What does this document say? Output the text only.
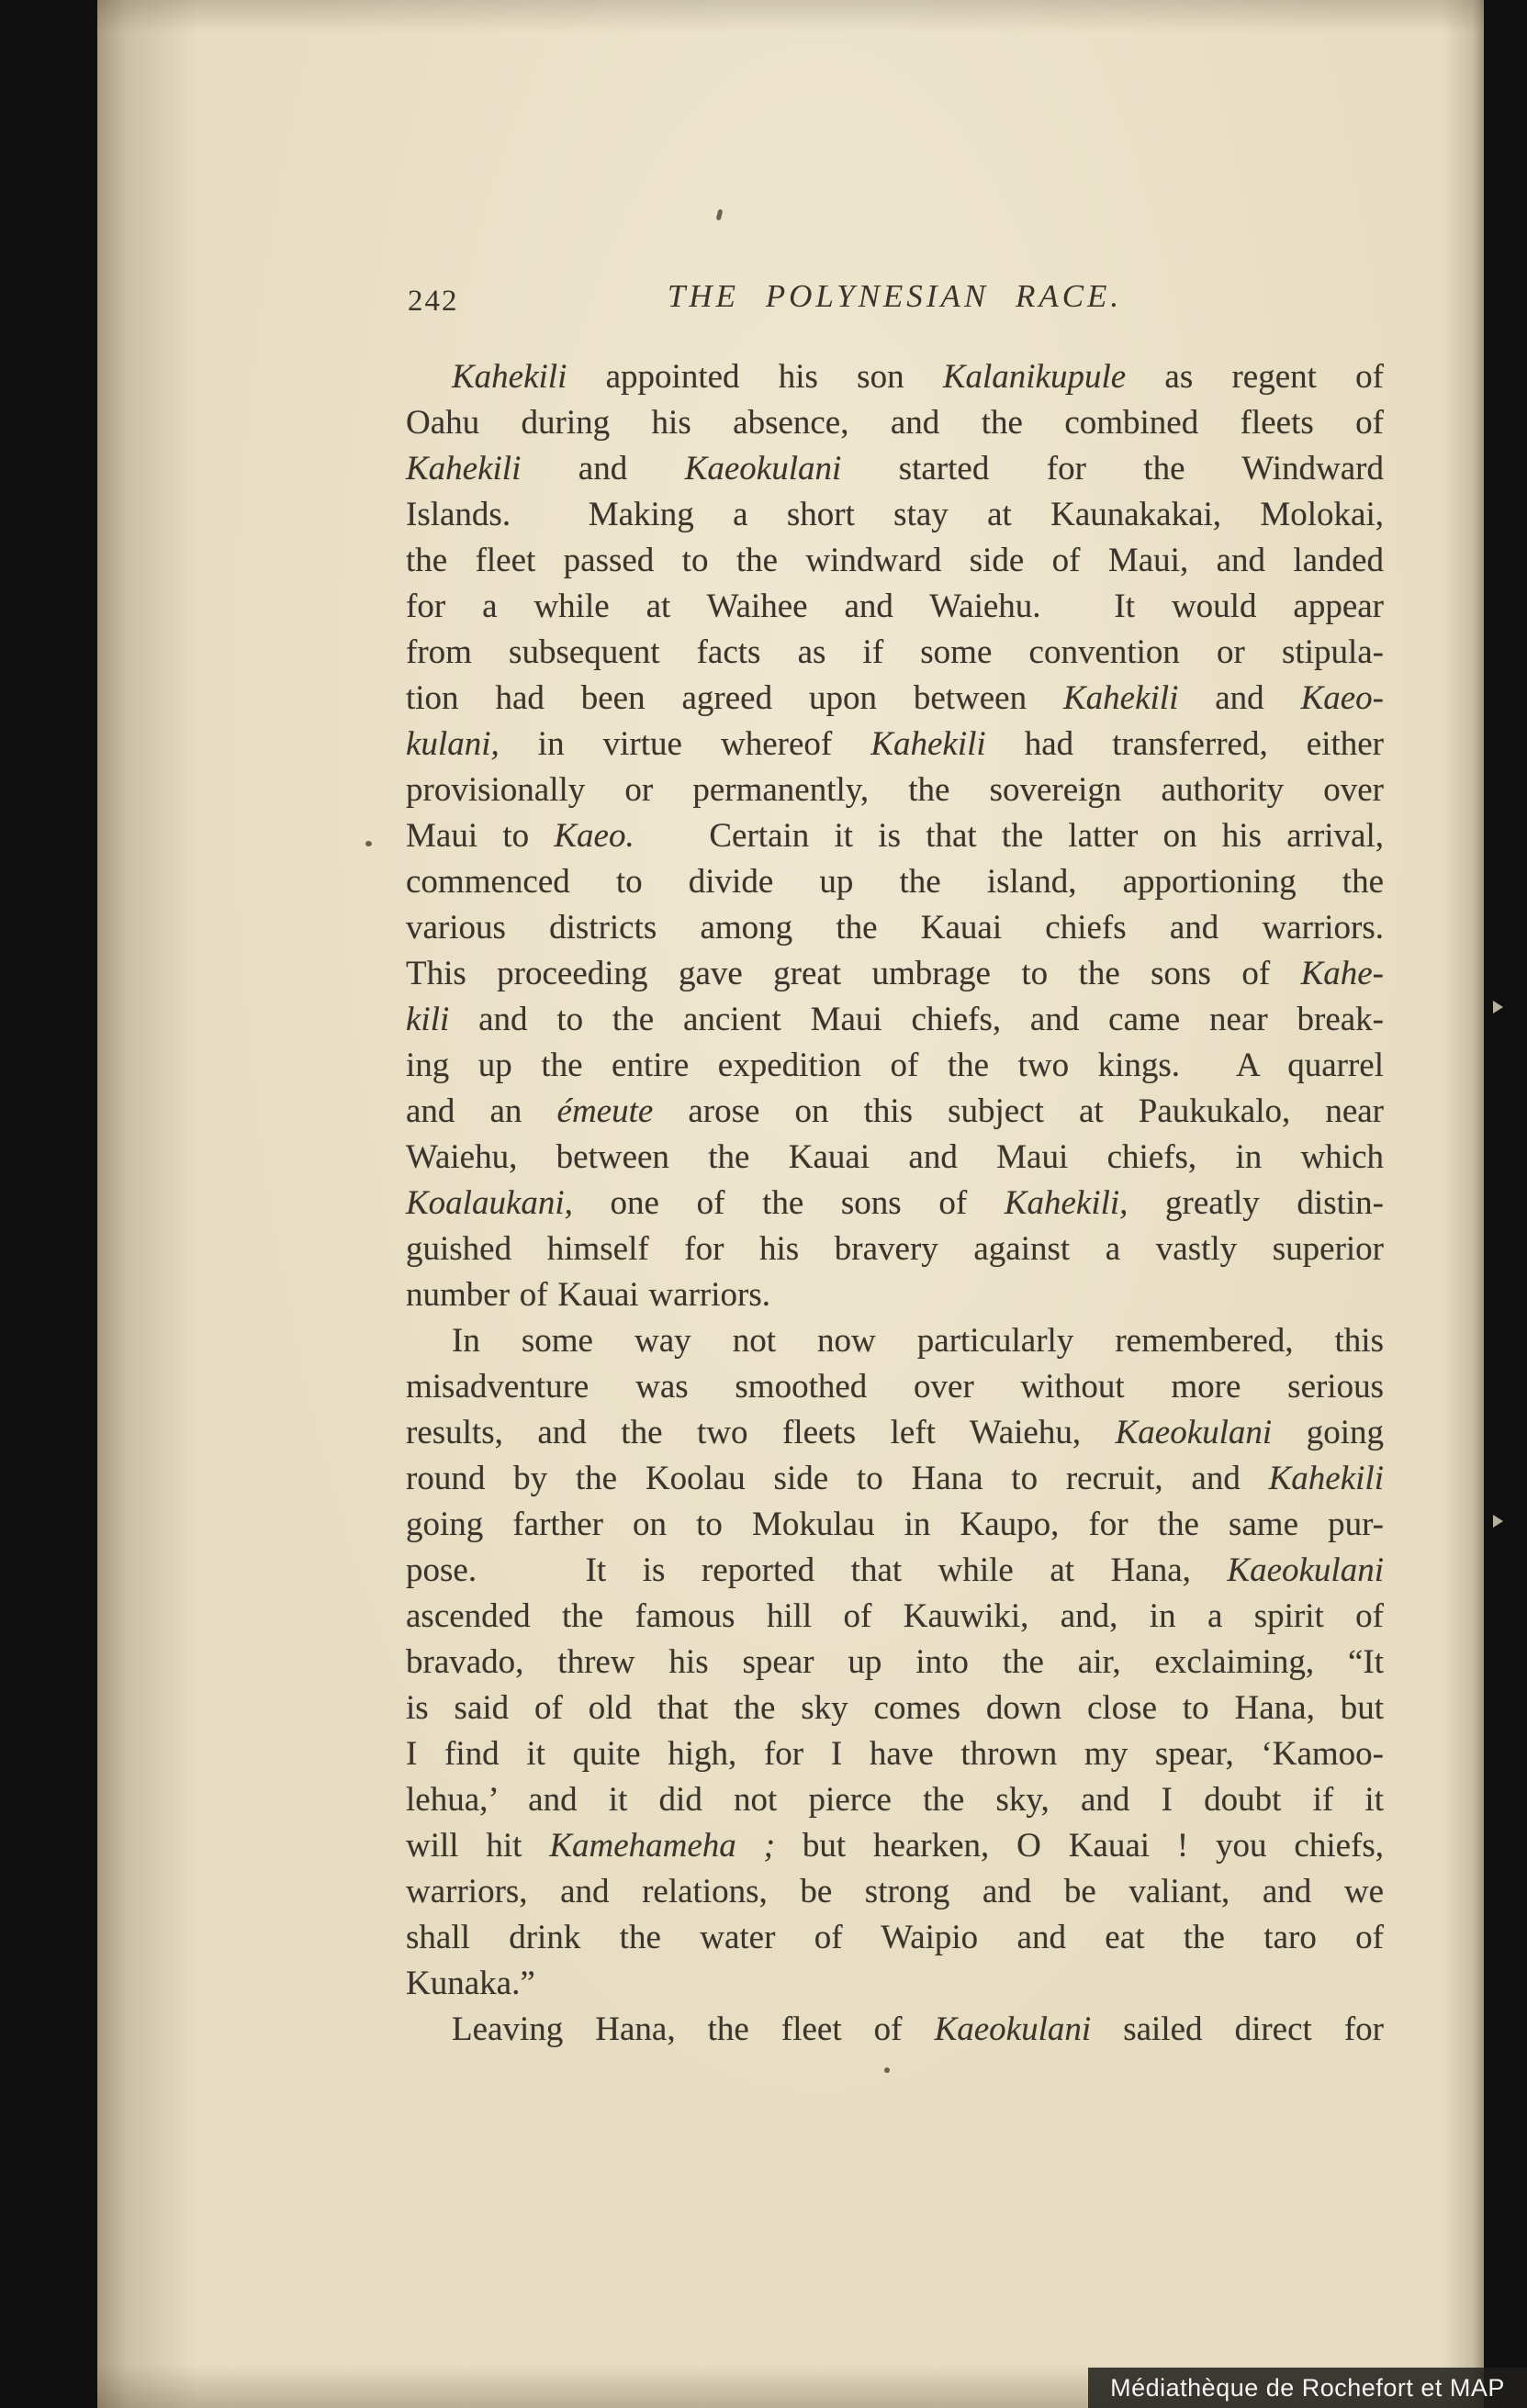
242	THE POLYNESIAN RACE.
Kahekili appointed his son Kalanikupule as regent of
Oahu during his absence, and the combined fleets of
Kahekili and Kaeokulani started for the Windward
Islands.  Making a short stay at Kaunakakai, Molokai,
the fleet passed to the windward side of Maui, and landed
for a while at Waihee and Waiehu.  It would appear
from subsequent facts as if some convention or stipula-
tion had been agreed upon between Kahekili and Kaeo-
kulani, in virtue whereof Kahekili had transferred, either
provisionally or permanently, the sovereign authority over
Maui to Kaeo.   Certain it is that the latter on his arrival,
commenced to divide up the island, apportioning the
various districts among the Kauai chiefs and warriors.
This proceeding gave great umbrage to the sons of Kahe-
kili and to the ancient Maui chiefs, and came near break-
ing up the entire expedition of the two kings.  A quarrel
and an émeute arose on this subject at Paukukalo, near
Waiehu, between the Kauai and Maui chiefs, in which
Koalaukani, one of the sons of Kahekili, greatly distin-
guished himself for his bravery against a vastly superior
number of Kauai warriors.
In some way not now particularly remembered, this
misadventure was smoothed over without more serious
results, and the two fleets left Waiehu, Kaeokulani going
round by the Koolau side to Hana to recruit, and Kahekili
going farther on to Mokulau in Kaupo, for the same pur-
pose.   It is reported that while at Hana, Kaeokulani
ascended the famous hill of Kauwiki, and, in a spirit of
bravado, threw his spear up into the air, exclaiming, “It
is said of old that the sky comes down close to Hana, but
I find it quite high, for I have thrown my spear, ‘Kamoo-
lehua,’ and it did not pierce the sky, and I doubt if it
will hit Kamehameha ; but hearken, O Kauai ! you chiefs,
warriors, and relations, be strong and be valiant, and we
shall drink the water of Waipio and eat the taro of
Kunaka.”
Leaving Hana, the fleet of Kaeokulani sailed direct for
Médiathèque de Rochefort et MAP
